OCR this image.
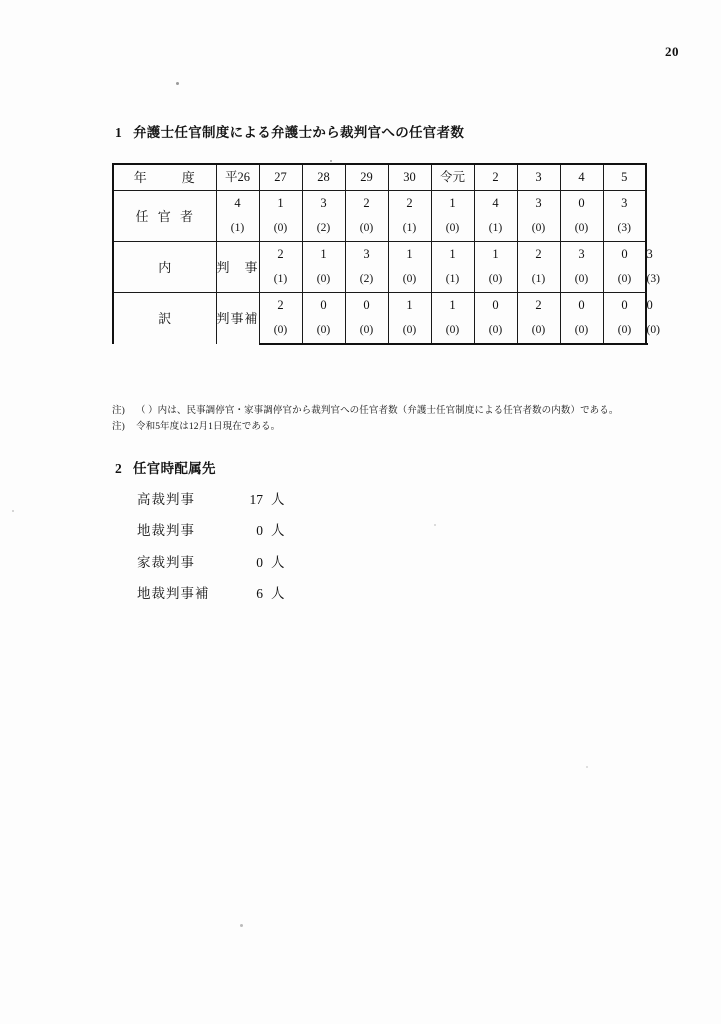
20
1 弁護士任官制度による弁護士から裁判官への任官者数
年　　度	平26	27	28	29	30	令元	2	3	4	5	
任 官 者	4	1	3	2	2	1	4	3	0	3	
	(1)	(0)	(2)	(0)	(1)	(0)	(1)	(0)	(0)	(3)	
内	判　事	2	1	3	1	1	1	2	3	0	3
		(1)	(0)	(2)	(0)	(1)	(0)	(1)	(0)	(0)	(3)
訳	判事補	2	0	0	1	1	0	2	0	0	0
		(0)	(0)	(0)	(0)	(0)	(0)	(0)	(0)	(0)	(0)
注) （ ）内は、民事調停官・家事調停官から裁判官への任官者数（弁護士任官制度による任官者数の内数）である。
注) 令和5年度は12月1日現在である。
2 任官時配属先
高裁判事	17 人
地裁判事	0 人
家裁判事	0 人
地裁判事補	6 人
